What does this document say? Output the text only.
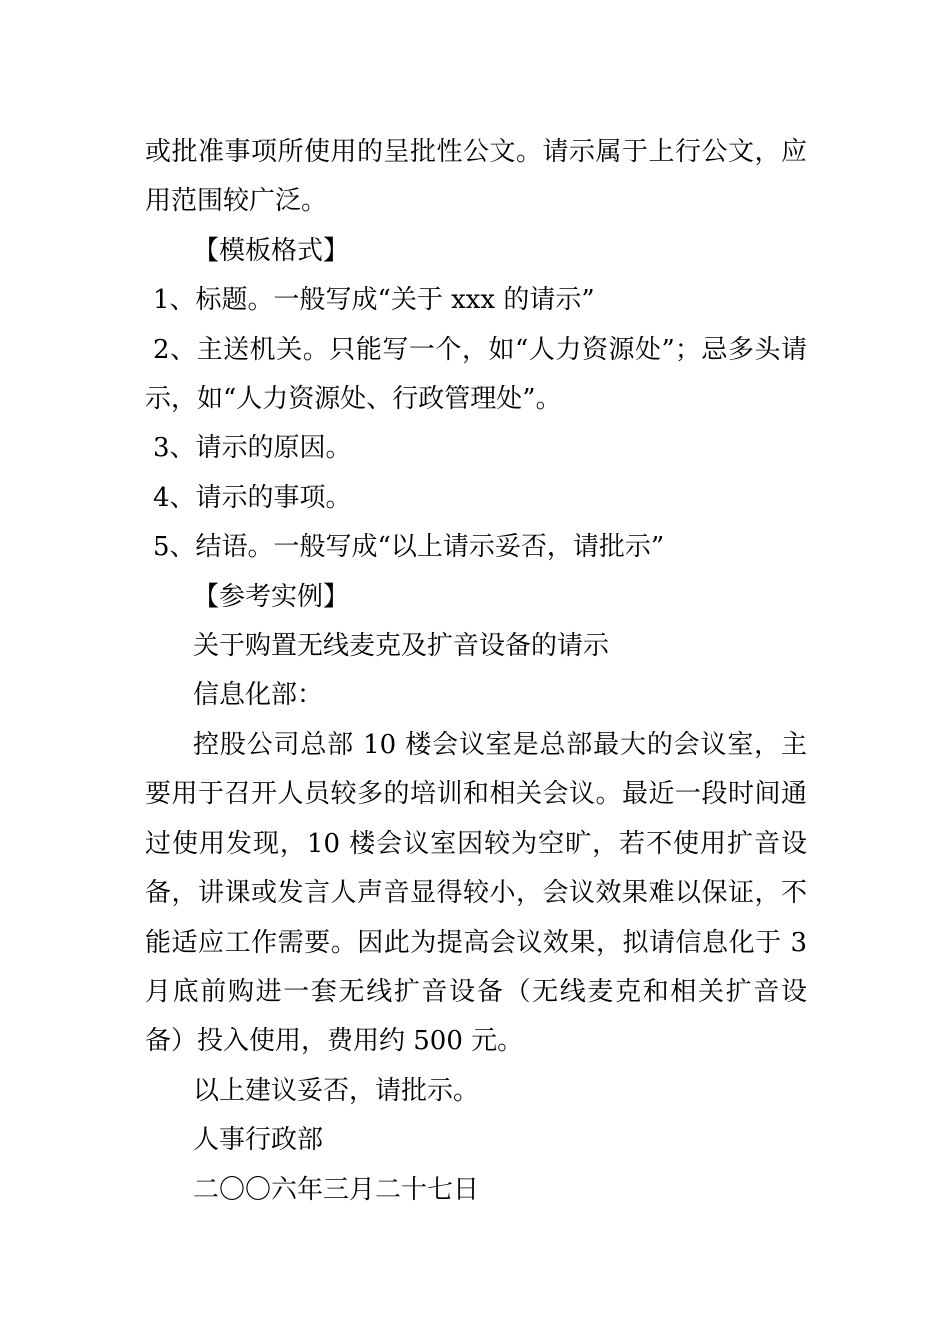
或批准事项所使用的呈批性公文。请示属于上行公文，应用范围较广泛。

【模板格式】

1、标题。一般写成“关于 xxx 的请示”

2、主送机关。只能写一个，如“人力资源处”；忌多头请示，如“人力资源处、行政管理处”。

3、请示的原因。

4、请示的事项。

5、结语。一般写成“以上请示妥否，请批示”

【参考实例】

关于购置无线麦克及扩音设备的请示

信息化部：

控股公司总部 10 楼会议室是总部最大的会议室，主要用于召开人员较多的培训和相关会议。最近一段时间通过使用发现，10 楼会议室因较为空旷，若不使用扩音设备，讲课或发言人声音显得较小，会议效果难以保证，不能适应工作需要。因此为提高会议效果，拟请信息化于 3 月底前购进一套无线扩音设备（无线麦克和相关扩音设备）投入使用，费用约 500 元。

以上建议妥否，请批示。

人事行政部

二〇〇六年三月二十七日
